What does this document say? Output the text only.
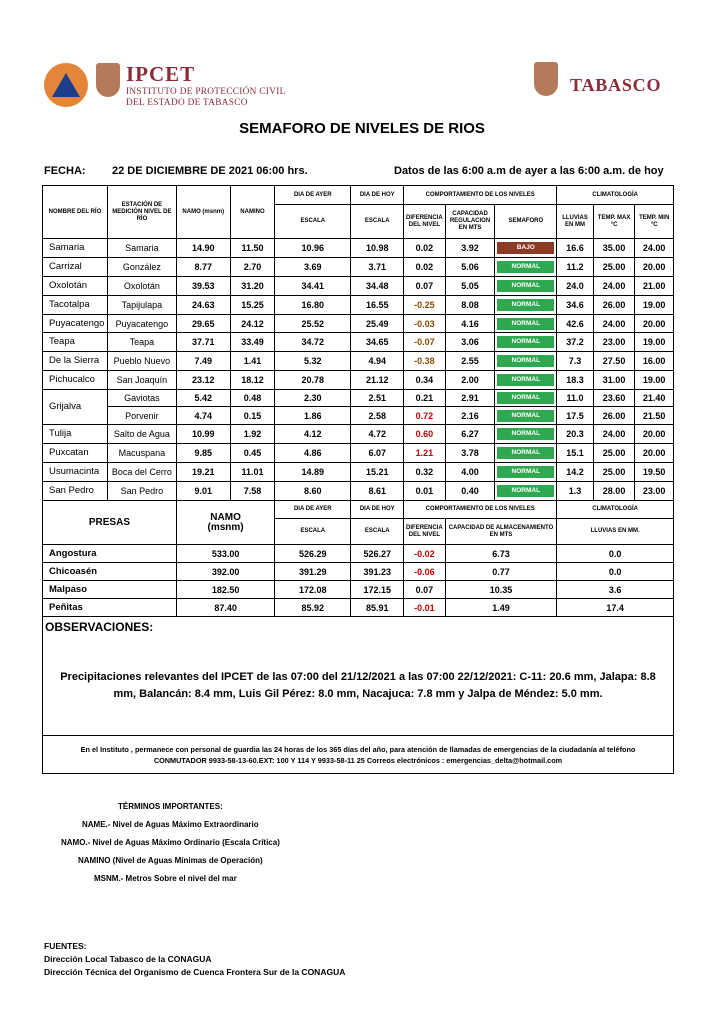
IPCET
INSTITUTO DE PROTECCIÓN CIVIL
DEL ESTADO DE TABASCO
TABASCO
SEMAFORO DE NIVELES DE RIOS
FECHA: 22 DE DICIEMBRE DE 2021 06:00 hrs.	Datos de las 6:00 a.m de ayer a las 6:00 a.m. de hoy
NOMBRE DEL RÍO	ESTACIÓN DE MEDICIÓN NIVEL DE RÍO	NAMO (msnm)	NAMINO	DIA DE AYER	DIA DE HOY	COMPORTAMIENTO DE LOS NIVELES			CLIMATOLOGÍA		
				ESCALA	ESCALA	DIFERENCIA DEL NIVEL	CAPACIDAD REGULACION EN MTS	SEMAFORO	LLUVIAS EN MM	TEMP. MAX °C	TEMP. MIN °C
Samaria	Samaria	14.90	11.50	10.96	10.98	0.02	3.92	BAJO	16.6	35.00	24.00
Carrizal	González	8.77	2.70	3.69	3.71	0.02	5.06	NORMAL	11.2	25.00	20.00
Oxolotán	Oxolotán	39.53	31.20	34.41	34.48	0.07	5.05	NORMAL	24.0	24.00	21.00
Tacotalpa	Tapijulapa	24.63	15.25	16.80	16.55	-0.25	8.08	NORMAL	34.6	26.00	19.00
Puyacatengo	Puyacatengo	29.65	24.12	25.52	25.49	-0.03	4.16	NORMAL	42.6	24.00	20.00
Teapa	Teapa	37.71	33.49	34.72	34.65	-0.07	3.06	NORMAL	37.2	23.00	19.00
De la Sierra	Pueblo Nuevo	7.49	1.41	5.32	4.94	-0.38	2.55	NORMAL	7.3	27.50	16.00
Pichucalco	San Joaquín	23.12	18.12	20.78	21.12	0.34	2.00	NORMAL	18.3	31.00	19.00
Grijalva	Gaviotas	5.42	0.48	2.30	2.51	0.21	2.91	NORMAL	11.0	23.60	21.40
	Porvenir	4.74	0.15	1.86	2.58	0.72	2.16	NORMAL	17.5	26.00	21.50
Tulija	Salto de Agua	10.99	1.92	4.12	4.72	0.60	6.27	NORMAL	20.3	24.00	20.00
Puxcatan	Macuspana	9.85	0.45	4.86	6.07	1.21	3.78	NORMAL	15.1	25.00	20.00
Usumacinta	Boca del Cerro	19.21	11.01	14.89	15.21	0.32	4.00	NORMAL	14.2	25.00	19.50
San Pedro	San Pedro	9.01	7.58	8.60	8.61	0.01	0.40	NORMAL	1.3	28.00	23.00
PRESAS		NAMO
(msnm)		DIA DE AYER	DIA DE HOY	COMPORTAMIENTO DE LOS NIVELES			CLIMATOLOGÍA		
				ESCALA	ESCALA	DIFERENCIA DEL NIVEL	CAPACIDAD DE ALMACENAMIENTO EN MTS		LLUVIAS EN MM.		
Angostura		533.00		526.29	526.27	-0.02	6.73		0.0		
Chicoasén		392.00		391.29	391.23	-0.06	0.77		0.0		
Malpaso		182.50		172.08	172.15	0.07	10.35		3.6		
Peñitas		87.40		85.92	85.91	-0.01	1.49		17.4		
OBSERVACIONES:											
Precipitaciones relevantes del IPCET de las 07:00 del 21/12/2021 a las 07:00 22/12/2021: C-11: 20.6 mm, Jalapa: 8.8 mm, Balancán: 8.4 mm, Luis Gil Pérez: 8.0 mm, Nacajuca: 7.8 mm y Jalpa de Méndez: 5.0 mm.											
En el Instituto , permanece con personal de guardia las 24 horas de los 365 días del año, para atención de llamadas de emergencias de la ciudadanía al teléfono
CONMUTADOR 9933-58-13-60.EXT: 100 Y 114 Y 9933-58-11 25 Correos electrónicos : emergencias_delta@hotmail.com											
TÉRMINOS IMPORTANTES:
NAME.- Nivel de Aguas Máximo Extraordinario
NAMO.- Nivel de Aguas Máximo Ordinario (Escala Crítica)
NAMINO (Nivel de Aguas Mínimas de Operación)
MSNM.- Metros Sobre el nivel del mar
FUENTES:
Dirección Local Tabasco de la CONAGUA
Dirección Técnica del Organismo de Cuenca Frontera Sur de la CONAGUA
